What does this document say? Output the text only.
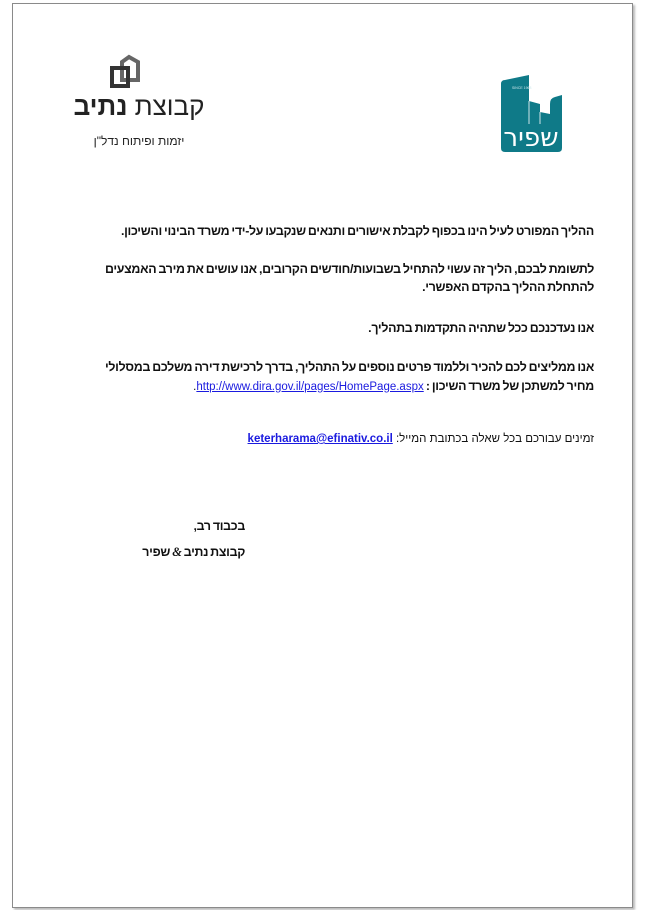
קבוצת נתיב
יזמות ופיתוח נדל"ן
SINCE 1968
שפיר
ההליך המפורט לעיל הינו בכפוף לקבלת אישורים ותנאים שנקבעו על-ידי משרד הבינוי והשיכון.
לתשומת לבכם, הליך זה עשוי להתחיל בשבועות/חודשים הקרובים, אנו עושים את מירב האמצעים
להתחלת ההליך בהקדם האפשרי.
אנו נעדכנכם ככל שתהיה התקדמות בתהליך.
אנו ממליצים לכם להכיר וללמוד פרטים נוספים על התהליך, בדרך לרכישת דירה משלכם במסלולי
מחיר למשתכן של משרד השיכון : http://www.dira.gov.il/pages/HomePage.aspx.
זמינים עבורכם בכל שאלה בכתובת המייל: keterharama@efinativ.co.il
בכבוד רב,
קבוצת נתיב & שפיר
